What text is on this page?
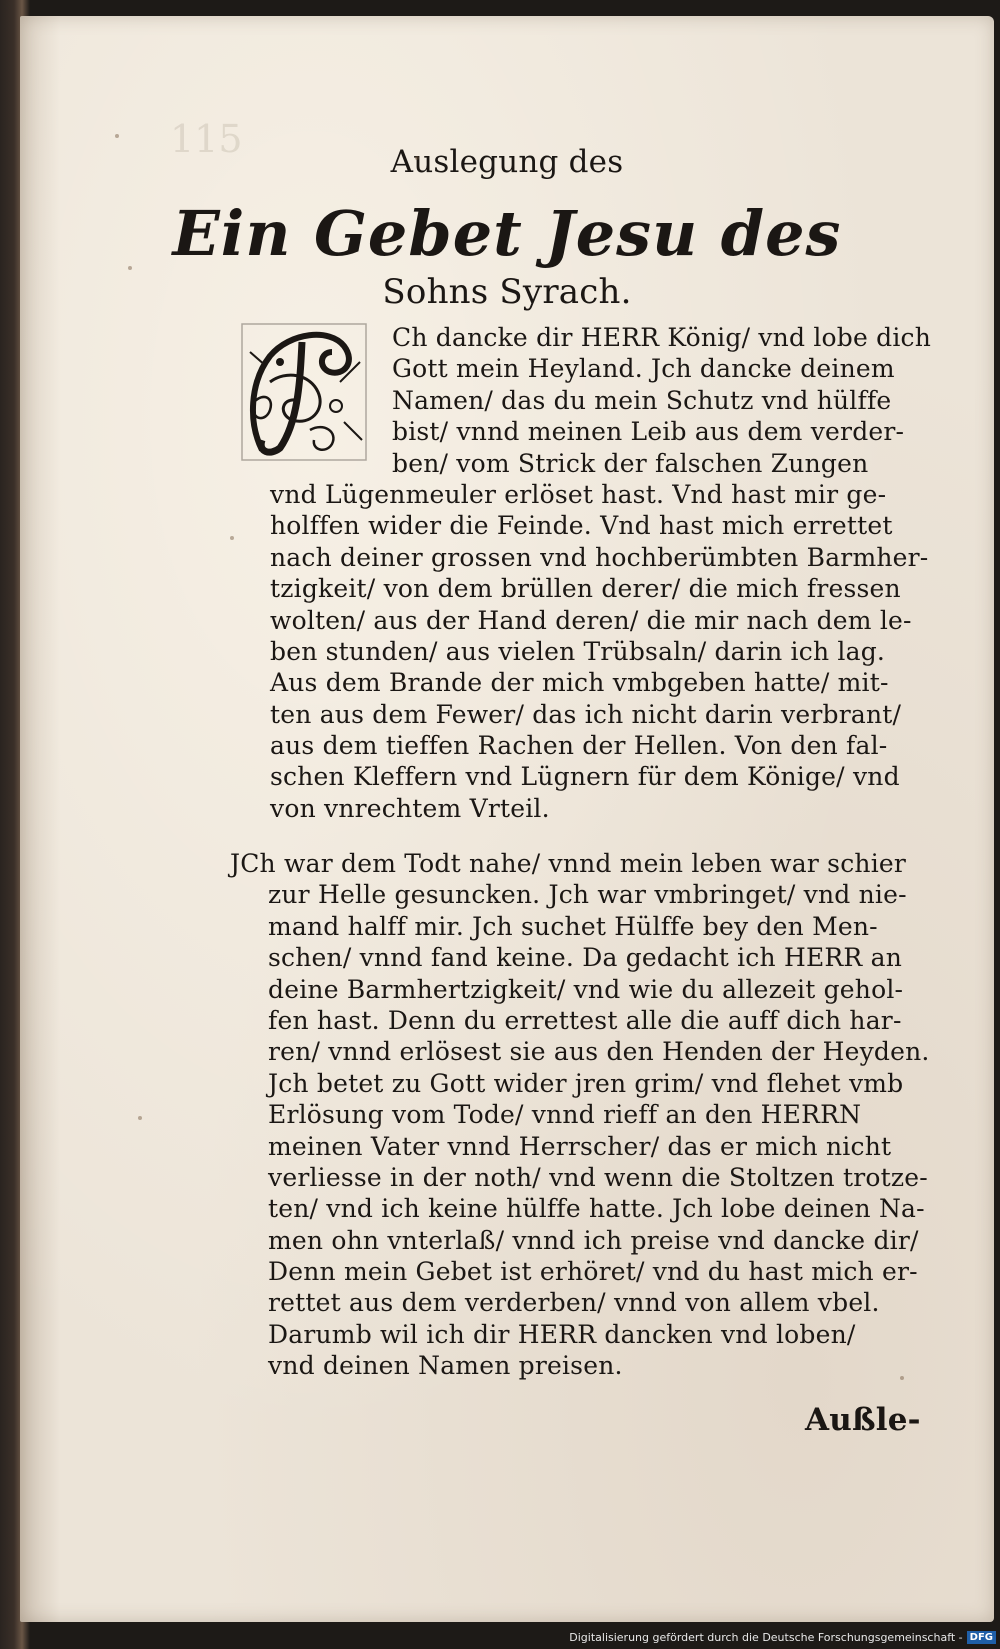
115
Auslegung des
Ein Gebet Jesu des
Sohns Syrach.
Ch dancke dir HERR König/ vnd lobe dich
Gott mein Heyland. Jch dancke deinem
Namen/ das du mein Schutz vnd hülffe
bist/ vnnd meinen Leib aus dem verder-
ben/ vom Strick der falschen Zungen
vnd Lügenmeuler erlöset hast. Vnd hast mir ge-
holffen wider die Feinde. Vnd hast mich errettet
nach deiner grossen vnd hochberümbten Barmher-
tzigkeit/ von dem brüllen derer/ die mich fressen
wolten/ aus der Hand deren/ die mir nach dem le-
ben stunden/ aus vielen Trübsaln/ darin ich lag.
Aus dem Brande der mich vmbgeben hatte/ mit-
ten aus dem Fewer/ das ich nicht darin verbrant/
aus dem tieffen Rachen der Hellen. Von den fal-
schen Kleffern vnd Lügnern für dem Könige/ vnd
von vnrechtem Vrteil.
JCh war dem Todt nahe/ vnnd mein leben war schier
zur Helle gesuncken. Jch war vmbringet/ vnd nie-
mand halff mir. Jch suchet Hülffe bey den Men-
schen/ vnnd fand keine. Da gedacht ich HERR an
deine Barmhertzigkeit/ vnd wie du allezeit gehol-
fen hast. Denn du errettest alle die auff dich har-
ren/ vnnd erlösest sie aus den Henden der Heyden.
Jch betet zu Gott wider jren grim/ vnd flehet vmb
Erlösung vom Tode/ vnnd rieff an den HERRN
meinen Vater vnnd Herrscher/ das er mich nicht
verliesse in der noth/ vnd wenn die Stoltzen trotze-
ten/ vnd ich keine hülffe hatte. Jch lobe deinen Na-
men ohn vnterlaß/ vnnd ich preise vnd dancke dir/
Denn mein Gebet ist erhöret/ vnd du hast mich er-
rettet aus dem verderben/ vnnd von allem vbel.
Darumb wil ich dir HERR dancken vnd loben/
vnd deinen Namen preisen.
Außle-
Digitalisierung gefördert durch die Deutsche Forschungsgemeinschaft - DFG
